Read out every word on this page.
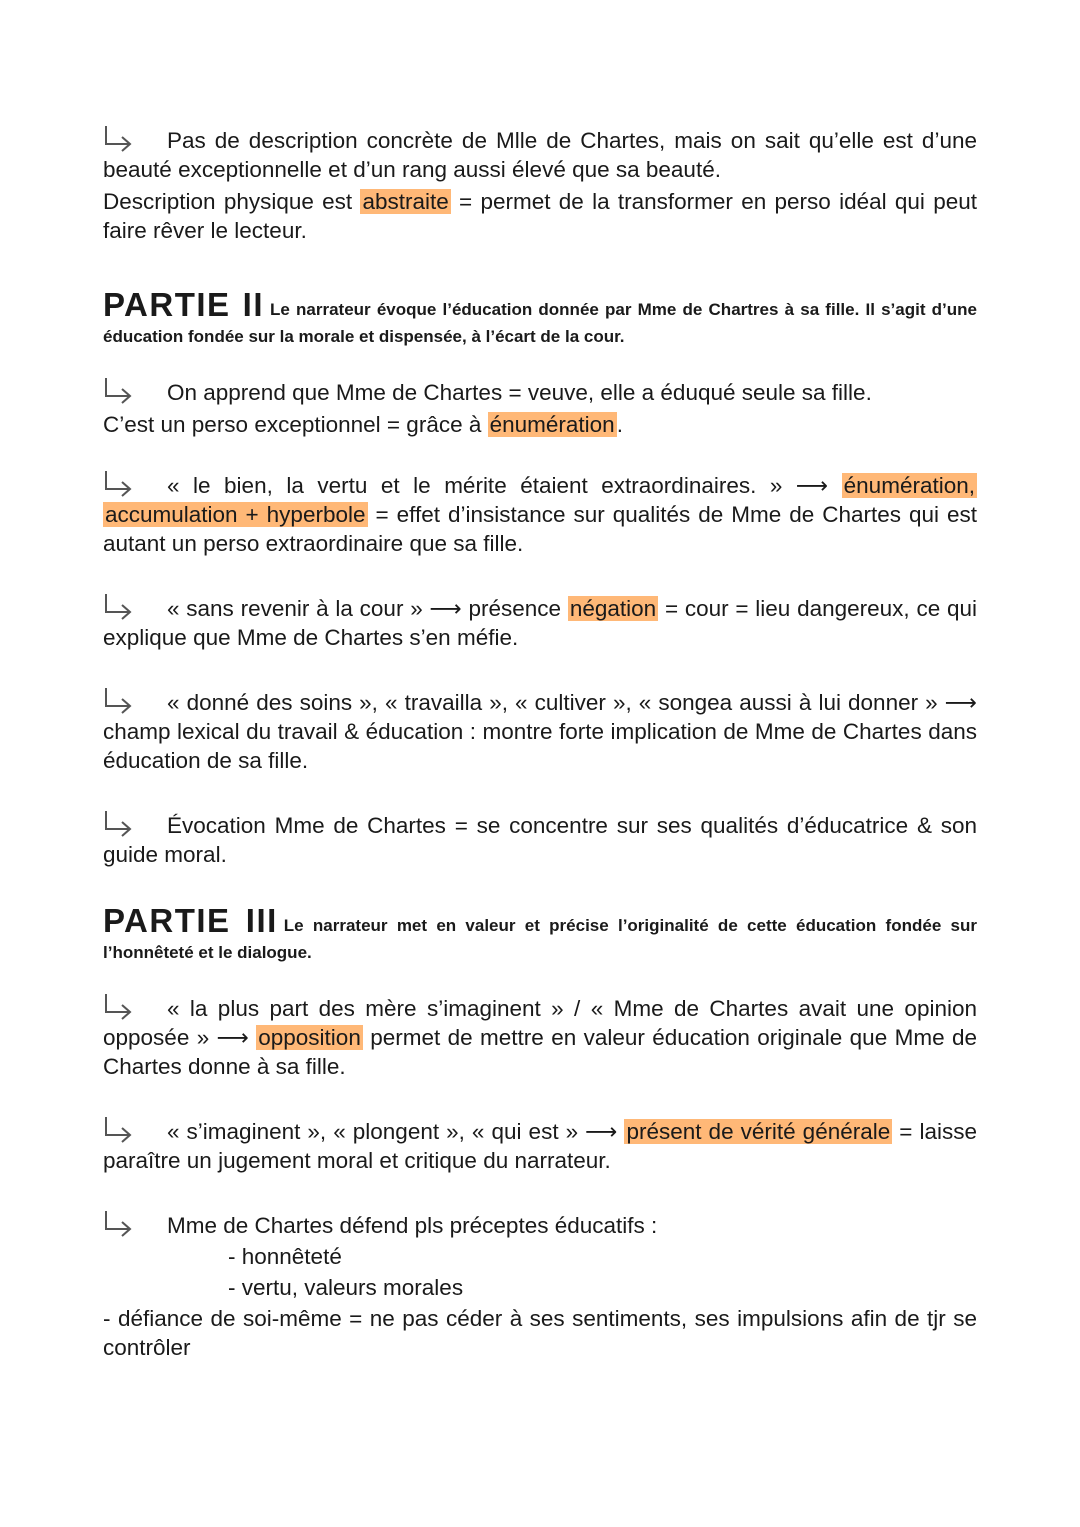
Pas de description concrète de Mlle de Chartes, mais on sait qu’elle est d’une beauté exceptionnelle et d’un rang aussi élevé que sa beauté.

Description physique est abstraite = permet de la transformer en perso idéal qui peut faire rêver le lecteur.

PARTIE II Le narrateur évoque l’éducation donnée par Mme de Chartres à sa fille. Il s’agit d’une éducation fondée sur la morale et dispensée, à l’écart de la cour.

On apprend que Mme de Chartes = veuve, elle a éduqué seule sa fille.

C’est un perso exceptionnel = grâce à énumération.

« le bien, la vertu et le mérite étaient extraordinaires. » ⟶ énumération, accumulation + hyperbole = effet d’insistance sur qualités de Mme de Chartes qui est autant un perso extraordinaire que sa fille.

« sans revenir à la cour » ⟶ présence négation = cour = lieu dangereux, ce qui explique que Mme de Chartes s’en méfie.

« donné des soins », « travailla », « cultiver », « songea aussi à lui donner » ⟶ champ lexical du travail & éducation : montre forte implication de Mme de Chartes dans éducation de sa fille.

Évocation Mme de Chartes = se concentre sur ses qualités d’éducatrice & son guide moral.

PARTIE III Le narrateur met en valeur et précise l’originalité de cette éducation fondée sur l’honnêteté et le dialogue.

« la plus part des mère s’imaginent » / « Mme de Chartes avait une opinion opposée » ⟶ opposition permet de mettre en valeur éducation originale que Mme de Chartes donne à sa fille.

« s’imaginent », « plongent », « qui est » ⟶ présent de vérité générale = laisse paraître un jugement moral et critique du narrateur.

Mme de Chartes défend pls préceptes éducatifs :

- honnêteté

- vertu, valeurs morales

- défiance de soi-même = ne pas céder à ses sentiments, ses impulsions afin de tjr se contrôler
